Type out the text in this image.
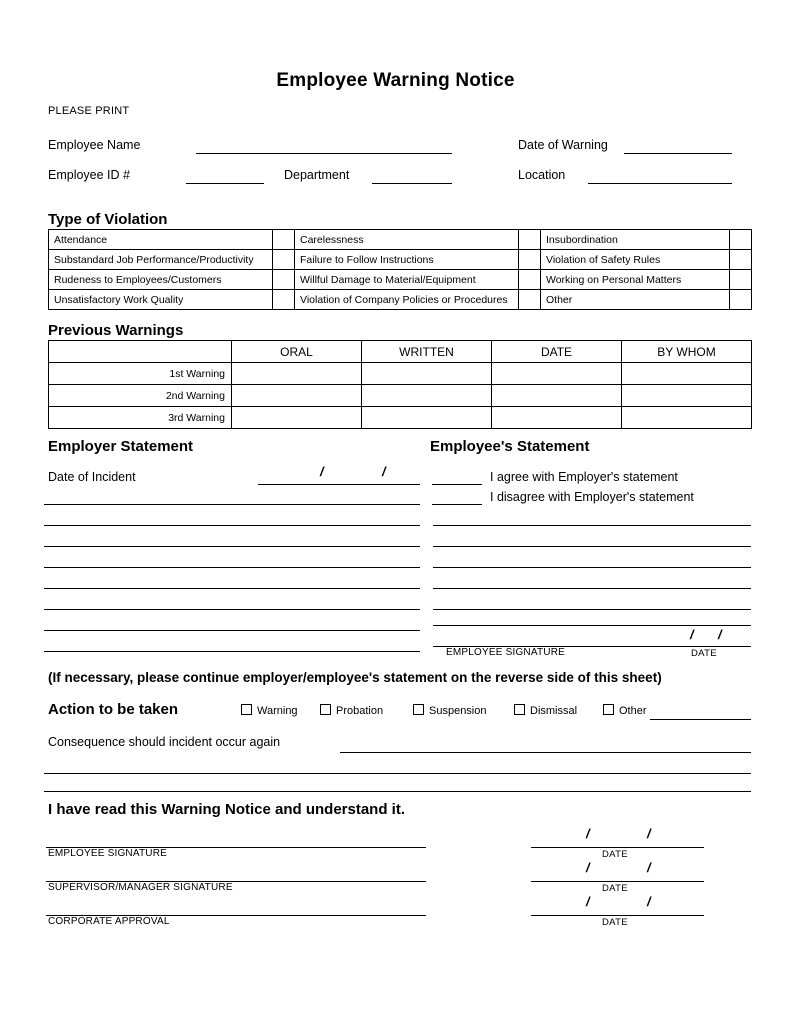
Employee Warning Notice
PLEASE PRINT
Employee Name	Date of Warning
Employee ID #	Department	Location
Type of Violation
Attendance		Carelessness		Insubordination	
Substandard Job Performance/Productivity		Failure to Follow Instructions		Violation of Safety Rules	
Rudeness to Employees/Customers		Willful Damage to Material/Equipment		Working on Personal Matters	
Unsatisfactory Work Quality		Violation of Company Policies or Procedures		Other	
Previous Warnings
	ORAL	WRITTEN	DATE	BY WHOM
1st Warning				
2nd Warning				
3rd Warning				
Employer Statement	Employee's Statement
Date of Incident	/	/	I agree with Employer's statement
I disagree with Employer's statement
/ /
EMPLOYEE SIGNATURE	DATE
(If necessary, please continue employer/employee's statement on the reverse side of this sheet)
Action to be taken	Warning	Probation	Suspension	Dismissal	Other
Consequence should incident occur again
I have read this Warning Notice and understand it.
/	/
EMPLOYEE SIGNATURE	DATE
/	/
SUPERVISOR/MANAGER SIGNATURE	DATE
/	/
CORPORATE APPROVAL	DATE
